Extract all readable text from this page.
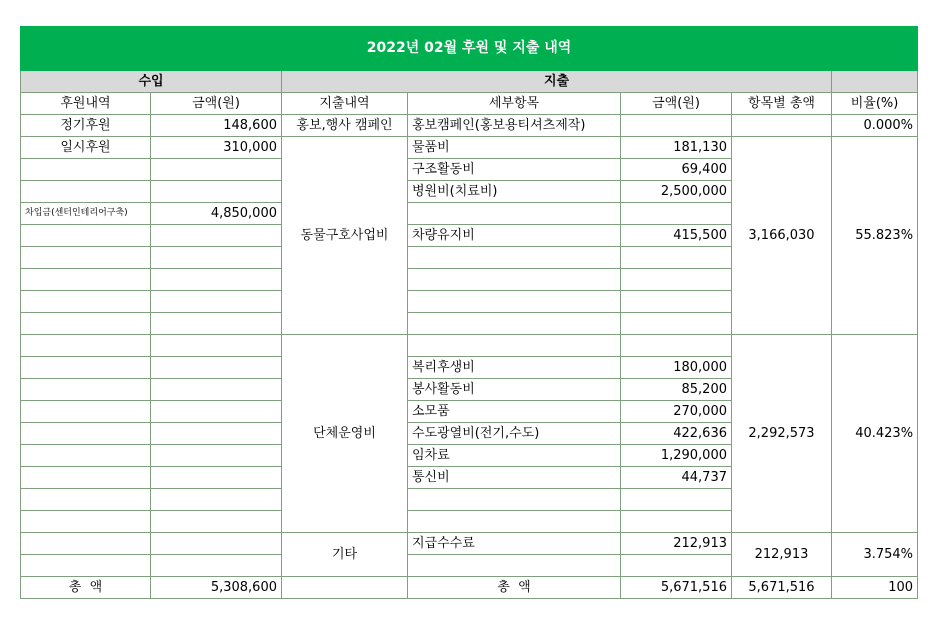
2022년 02월 후원 및 지출 내역						
수입		지출				
후원내역	금액(원)	지출내역	세부항목	금액(원)	항목별 총액	비율(%)
정기후원	148,600	홍보,행사 캠페인	홍보캠페인(홍보용티셔츠제작)			0.000%
일시후원	310,000	동물구호사업비	물품비	181,130	3,166,030	55.823%
			구조활동비	69,400		
			병원비(치료비)	2,500,000		
차입금(센터인테리어구축)	4,850,000					
			차량유지비	415,500		

		단체운영비			2,292,573	40.423%
			복리후생비	180,000		
			봉사활동비	85,200		
			소모품	270,000		
			수도광열비(전기,수도)	422,636		
			임차료	1,290,000		
			통신비	44,737		

		기타	지급수수료	212,913	212,913	3.754%

총  액	5,308,600		총  액	5,671,516	5,671,516	100
